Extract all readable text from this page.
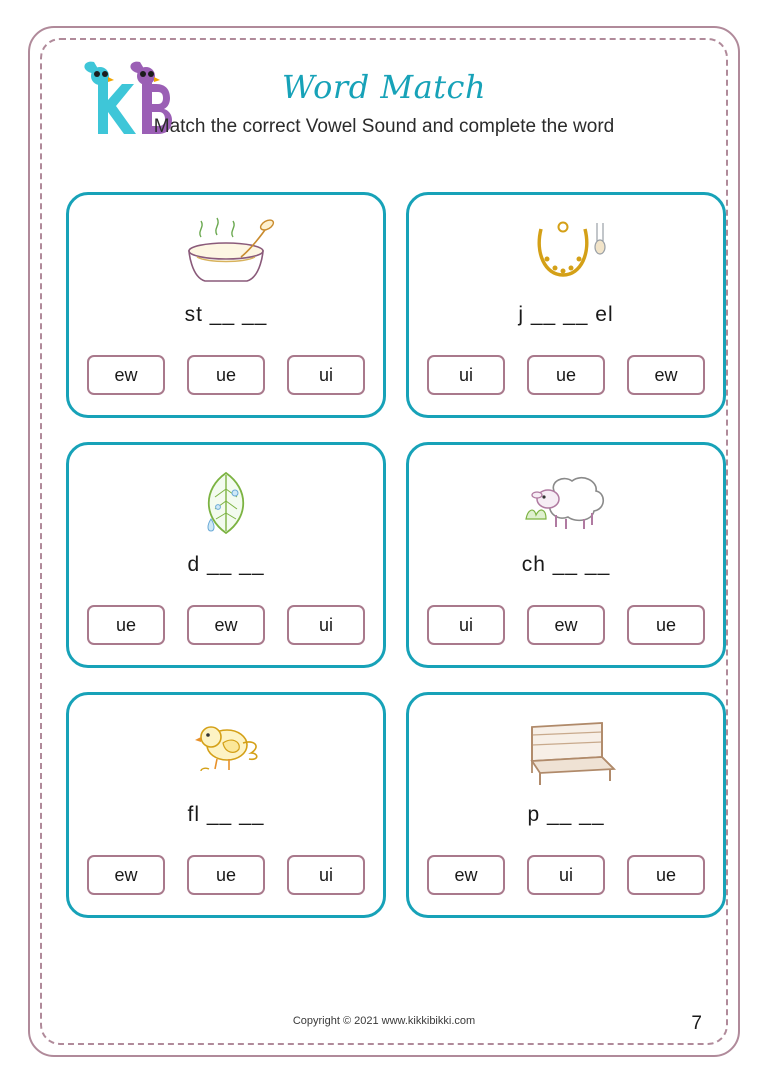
Word Match
Match the correct Vowel Sound and complete the word
st __ __
ew	ue	ui
j __ __ el
ui	ue	ew
d __ __
ue	ew	ui
ch __ __
ui	ew	ue
fl __ __
ew	ue	ui
p __ __
ew	ui	ue
Copyright © 2021 www.kikkibikki.com	7
